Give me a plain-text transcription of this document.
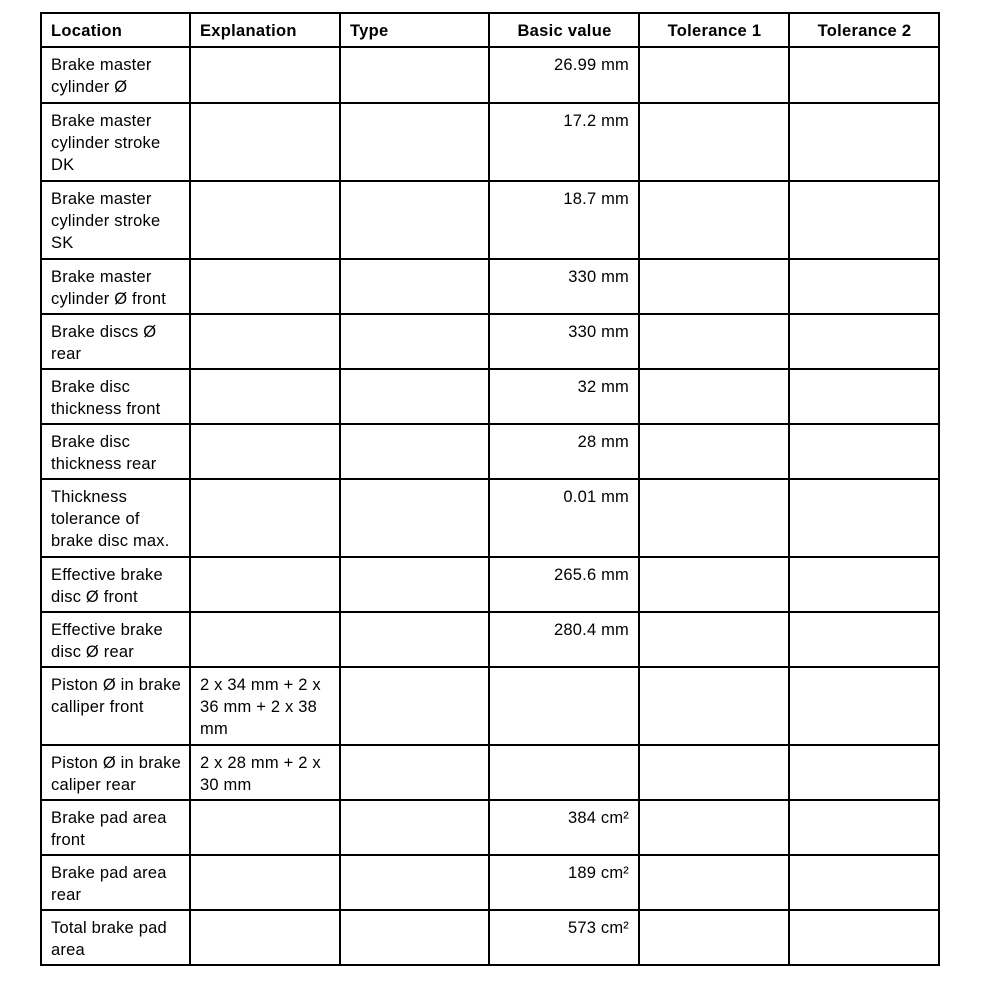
Location	Explanation	Type	Basic value	Tolerance 1	Tolerance 2
Brake master cylinder Ø			26.99 mm		
Brake master cylinder stroke DK			17.2 mm		
Brake master cylinder stroke SK			18.7 mm		
Brake master cylinder Ø front			330 mm		
Brake discs Ø rear			330 mm		
Brake disc thickness front			32 mm		
Brake disc thickness rear			28 mm		
Thickness tolerance of brake disc max.			0.01 mm		
Effective brake disc Ø front			265.6 mm		
Effective brake disc Ø rear			280.4 mm		
Piston Ø in brake calliper front	2 x 34 mm + 2 x 36 mm + 2 x 38 mm				
Piston Ø in brake caliper rear	2 x 28 mm + 2 x 30 mm				
Brake pad area front			384 cm²		
Brake pad area rear			189 cm²		
Total brake pad area			573 cm²		
